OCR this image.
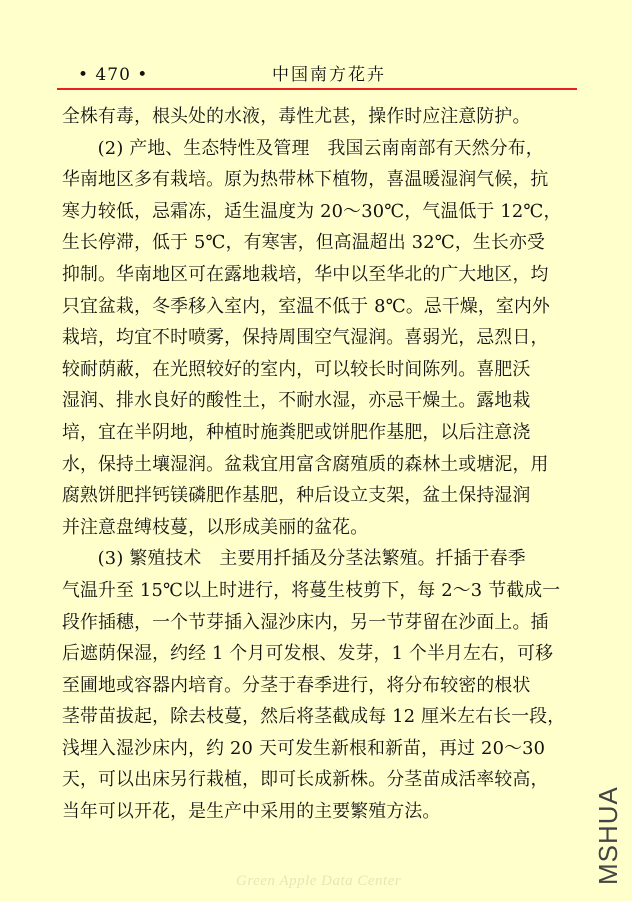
• 470 •	中国南方花卉
全株有毒，根头处的水液，毒性尤甚，操作时应注意防护。
(2) 产地、生态特性及管理　我国云南南部有天然分布，
华南地区多有栽培。原为热带林下植物，喜温暖湿润气候，抗
寒力较低，忌霜冻，适生温度为 20～30℃，气温低于 12℃，
生长停滞，低于 5℃，有寒害，但高温超出 32℃，生长亦受
抑制。华南地区可在露地栽培，华中以至华北的广大地区，均
只宜盆栽，冬季移入室内，室温不低于 8℃。忌干燥，室内外
栽培，均宜不时喷雾，保持周围空气湿润。喜弱光，忌烈日，
较耐荫蔽，在光照较好的室内，可以较长时间陈列。喜肥沃
湿润、排水良好的酸性土，不耐水湿，亦忌干燥土。露地栽
培，宜在半阴地，种植时施粪肥或饼肥作基肥，以后注意浇
水，保持土壤湿润。盆栽宜用富含腐殖质的森林土或塘泥，用
腐熟饼肥拌钙镁磷肥作基肥，种后设立支架，盆土保持湿润
并注意盘缚枝蔓，以形成美丽的盆花。
(3) 繁殖技术　主要用扦插及分茎法繁殖。扦插于春季
气温升至 15℃以上时进行，将蔓生枝剪下，每 2～3 节截成一
段作插穗，一个节芽插入湿沙床内，另一节芽留在沙面上。插
后遮荫保湿，约经 1 个月可发根、发芽，1 个半月左右，可移
至圃地或容器内培育。分茎于春季进行，将分布较密的根状
茎带苗拔起，除去枝蔓，然后将茎截成每 12 厘米左右长一段，
浅埋入湿沙床内，约 20 天可发生新根和新苗，再过 20～30
天，可以出床另行栽植，即可长成新株。分茎苗成活率较高，
当年可以开花，是生产中采用的主要繁殖方法。
Green Apple Data Center	MSHUA
